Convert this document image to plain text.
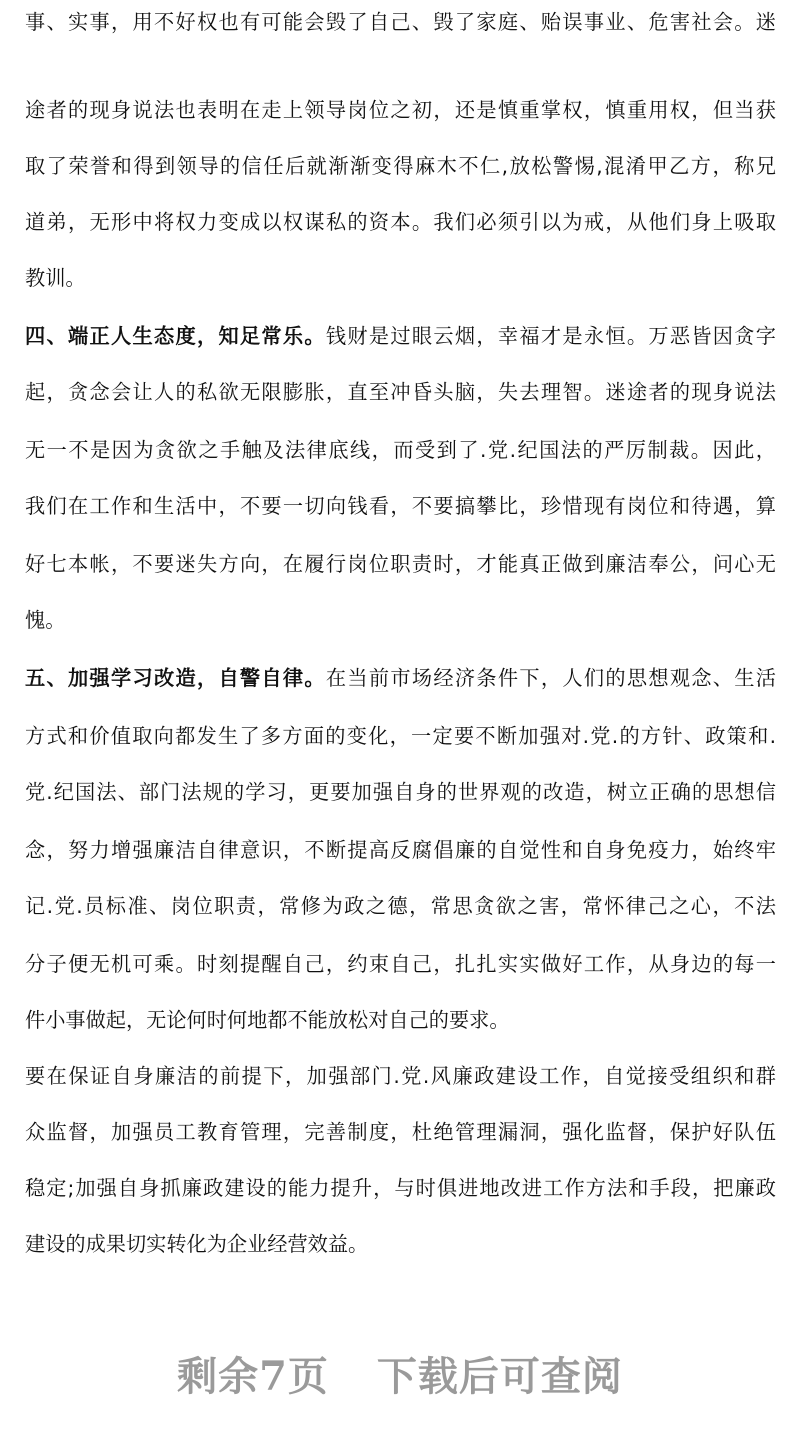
事、实事，用不好权也有可能会毁了自己、毁了家庭、贻误事业、危害社会。迷
途者的现身说法也表明在走上领导岗位之初，还是慎重掌权，慎重用权，但当获
取了荣誉和得到领导的信任后就渐渐变得麻木不仁,放松警惕,混淆甲乙方，称兄
道弟，无形中将权力变成以权谋私的资本。我们必须引以为戒，从他们身上吸取
教训。
四、端正人生态度，知足常乐。钱财是过眼云烟，幸福才是永恒。万恶皆因贪字
起，贪念会让人的私欲无限膨胀，直至冲昏头脑，失去理智。迷途者的现身说法
无一不是因为贪欲之手触及法律底线，而受到了.党.纪国法的严厉制裁。因此，
我们在工作和生活中，不要一切向钱看，不要搞攀比，珍惜现有岗位和待遇，算
好七本帐，不要迷失方向，在履行岗位职责时，才能真正做到廉洁奉公，问心无
愧。
五、加强学习改造，自警自律。在当前市场经济条件下，人们的思想观念、生活
方式和价值取向都发生了多方面的变化，一定要不断加强对.党.的方针、政策和.
党.纪国法、部门法规的学习，更要加强自身的世界观的改造，树立正确的思想信
念，努力增强廉洁自律意识，不断提高反腐倡廉的自觉性和自身免疫力，始终牢
记.党.员标准、岗位职责，常修为政之德，常思贪欲之害，常怀律己之心，不法
分子便无机可乘。时刻提醒自己，约束自己，扎扎实实做好工作，从身边的每一
件小事做起，无论何时何地都不能放松对自己的要求。
要在保证自身廉洁的前提下，加强部门.党.风廉政建设工作，自觉接受组织和群
众监督，加强员工教育管理，完善制度，杜绝管理漏洞，强化监督，保护好队伍
稳定;加强自身抓廉政建设的能力提升，与时俱进地改进工作方法和手段，把廉政
建设的成果切实转化为企业经营效益。
剩余7页 下载后可查阅
